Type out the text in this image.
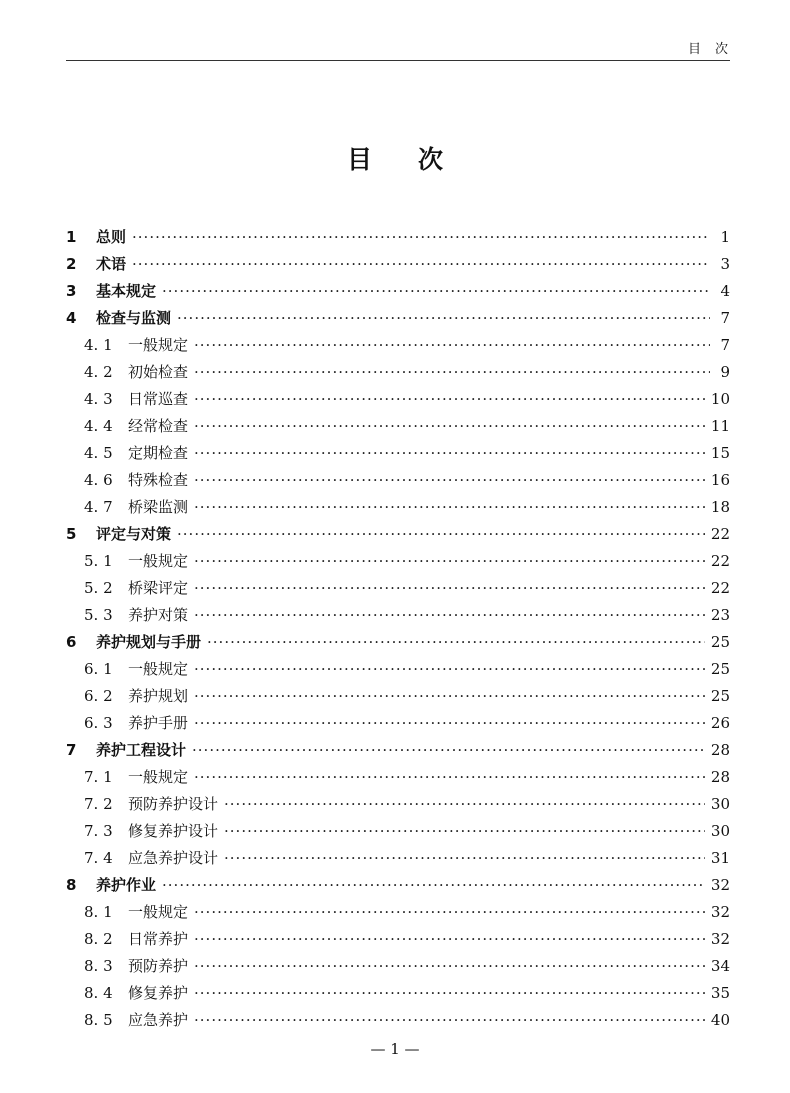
目次
目次
1	总则 ·····	1
2	术语 ·····	3
3	基本规定 ·····	4
4	检查与监测 ·····	7
4. 1	一般规定 ·····	7
4. 2	初始检查 ·····	9
4. 3	日常巡查 ·····	10
4. 4	经常检查 ·····	11
4. 5	定期检查 ·····	15
4. 6	特殊检查 ·····	16
4. 7	桥梁监测 ·····	18
5	评定与对策 ·····	22
5. 1	一般规定 ·····	22
5. 2	桥梁评定 ·····	22
5. 3	养护对策 ·····	23
6	养护规划与手册 ·····	25
6. 1	一般规定 ·····	25
6. 2	养护规划 ·····	25
6. 3	养护手册 ·····	26
7	养护工程设计 ·····	28
7. 1	一般规定 ·····	28
7. 2	预防养护设计 ·····	30
7. 3	修复养护设计 ·····	30
7. 4	应急养护设计 ·····	31
8	养护作业 ·····	32
8. 1	一般规定 ·····	32
8. 2	日常养护 ·····	32
8. 3	预防养护 ·····	34
8. 4	修复养护 ·····	35
8. 5	应急养护 ·····	40
— 1 —
